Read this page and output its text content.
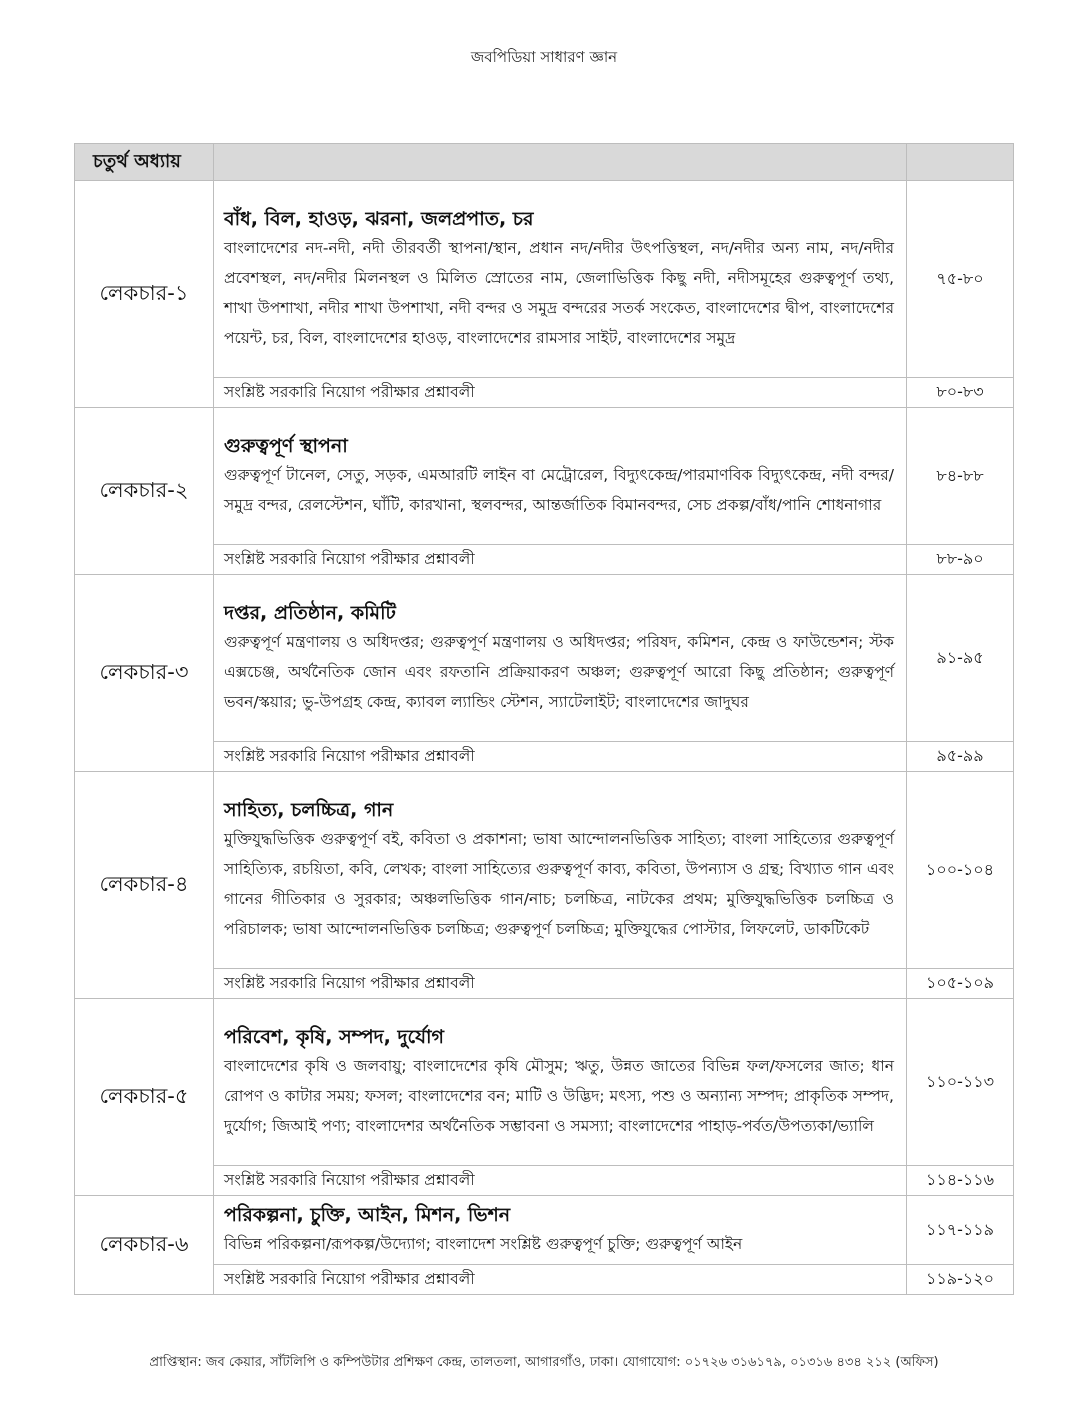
জবপিডিয়া সাধারণ জ্ঞান
চতুর্থ অধ্যায়		
লেকচার-১	বাঁধ, বিল, হাওড়, ঝরনা, জলপ্রপাত, চর
বাংলাদেশের নদ-নদী, নদী তীরবর্তী স্থাপনা/স্থান, প্রধান নদ/নদীর উৎপত্তিস্থল, নদ/নদীর অন্য নাম, নদ/নদীর প্রবেশস্থল, নদ/নদীর মিলনস্থল ও মিলিত স্রোতের নাম, জেলাভিত্তিক কিছু নদী, নদীসমূহের গুরুত্বপূর্ণ তথ্য, শাখা উপশাখা, নদীর শাখা উপশাখা, নদী বন্দর ও সমুদ্র বন্দরের সতর্ক সংকেত, বাংলাদেশের দ্বীপ, বাংলাদেশের পয়েন্ট, চর, বিল, বাংলাদেশের হাওড়, বাংলাদেশের রামসার সাইট, বাংলাদেশের সমুদ্র	৭৫-৮০
	সংশ্লিষ্ট সরকারি নিয়োগ পরীক্ষার প্রশ্নাবলী	৮০-৮৩
লেকচার-২	গুরুত্বপূর্ণ স্থাপনা
গুরুত্বপূর্ণ টানেল, সেতু, সড়ক, এমআরটি লাইন বা মেট্রোরেল, বিদ্যুৎকেন্দ্র/পারমাণবিক বিদ্যুৎকেন্দ্র, নদী বন্দর/সমুদ্র বন্দর, রেলস্টেশন, ঘাঁটি, কারখানা, স্থলবন্দর, আন্তর্জাতিক বিমানবন্দর, সেচ প্রকল্প/বাঁধ/পানি শোধনাগার	৮৪-৮৮
	সংশ্লিষ্ট সরকারি নিয়োগ পরীক্ষার প্রশ্নাবলী	৮৮-৯০
লেকচার-৩	দপ্তর, প্রতিষ্ঠান, কমিটি
গুরুত্বপূর্ণ মন্ত্রণালয় ও অধিদপ্তর; গুরুত্বপূর্ণ মন্ত্রণালয় ও অধিদপ্তর; পরিষদ, কমিশন, কেন্দ্র ও ফাউন্ডেশন; স্টক এক্সচেঞ্জ, অর্থনৈতিক জোন এবং রফতানি প্রক্রিয়াকরণ অঞ্চল; গুরুত্বপূর্ণ আরো কিছু প্রতিষ্ঠান; গুরুত্বপূর্ণ ভবন/স্কয়ার; ভু-উপগ্রহ কেন্দ্র, ক্যাবল ল্যান্ডিং স্টেশন, স্যাটেলাইট; বাংলাদেশের জাদুঘর	৯১-৯৫
	সংশ্লিষ্ট সরকারি নিয়োগ পরীক্ষার প্রশ্নাবলী	৯৫-৯৯
লেকচার-৪	সাহিত্য, চলচ্চিত্র, গান
মুক্তিযুদ্ধভিত্তিক গুরুত্বপূর্ণ বই, কবিতা ও প্রকাশনা; ভাষা আন্দোলনভিত্তিক সাহিত্য; বাংলা সাহিত্যের গুরুত্বপূর্ণ সাহিত্যিক, রচয়িতা, কবি, লেখক; বাংলা সাহিত্যের গুরুত্বপূর্ণ কাব্য, কবিতা, উপন্যাস ও গ্রন্থ; বিখ্যাত গান এবং গানের গীতিকার ও সুরকার; অঞ্চলভিত্তিক গান/নাচ; চলচ্চিত্র, নাটকের প্রথম; মুক্তিযুদ্ধভিত্তিক চলচ্চিত্র ও পরিচালক; ভাষা আন্দোলনভিত্তিক চলচ্চিত্র; গুরুত্বপূর্ণ চলচ্চিত্র; মুক্তিযুদ্ধের পোস্টার, লিফলেট, ডাকটিকেট	১০০-১০৪
	সংশ্লিষ্ট সরকারি নিয়োগ পরীক্ষার প্রশ্নাবলী	১০৫-১০৯
লেকচার-৫	পরিবেশ, কৃষি, সম্পদ, দুর্যোগ
বাংলাদেশের কৃষি ও জলবায়ু; বাংলাদেশের কৃষি মৌসুম; ঋতু, উন্নত জাতের বিভিন্ন ফল/ফসলের জাত; ধান রোপণ ও কাটার সময়; ফসল; বাংলাদেশের বন; মাটি ও উদ্ভিদ; মৎস্য, পশু ও অন্যান্য সম্পদ; প্রাকৃতিক সম্পদ, দুর্যোগ; জিআই পণ্য; বাংলাদেশর অর্থনৈতিক সম্ভাবনা ও সমস্যা; বাংলাদেশের পাহাড়-পর্বত/উপত্যকা/ভ্যালি	১১০-১১৩
	সংশ্লিষ্ট সরকারি নিয়োগ পরীক্ষার প্রশ্নাবলী	১১৪-১১৬
লেকচার-৬	পরিকল্পনা, চুক্তি, আইন, মিশন, ভিশন
বিভিন্ন পরিকল্পনা/রূপকল্প/উদ্যোগ; বাংলাদেশ সংশ্লিষ্ট গুরুত্বপূর্ণ চুক্তি; গুরুত্বপূর্ণ আইন	১১৭-১১৯
	সংশ্লিষ্ট সরকারি নিয়োগ পরীক্ষার প্রশ্নাবলী	১১৯-১২০
প্রাপ্তিস্থান: জব কেয়ার, সাঁটলিপি ও কম্পিউটার প্রশিক্ষণ কেন্দ্র, তালতলা, আগারগাঁও, ঢাকা। যোগাযোগ: ০১৭২৬ ৩১৬১৭৯, ০১৩১৬ ৪৩৪ ২১২ (অফিস)
